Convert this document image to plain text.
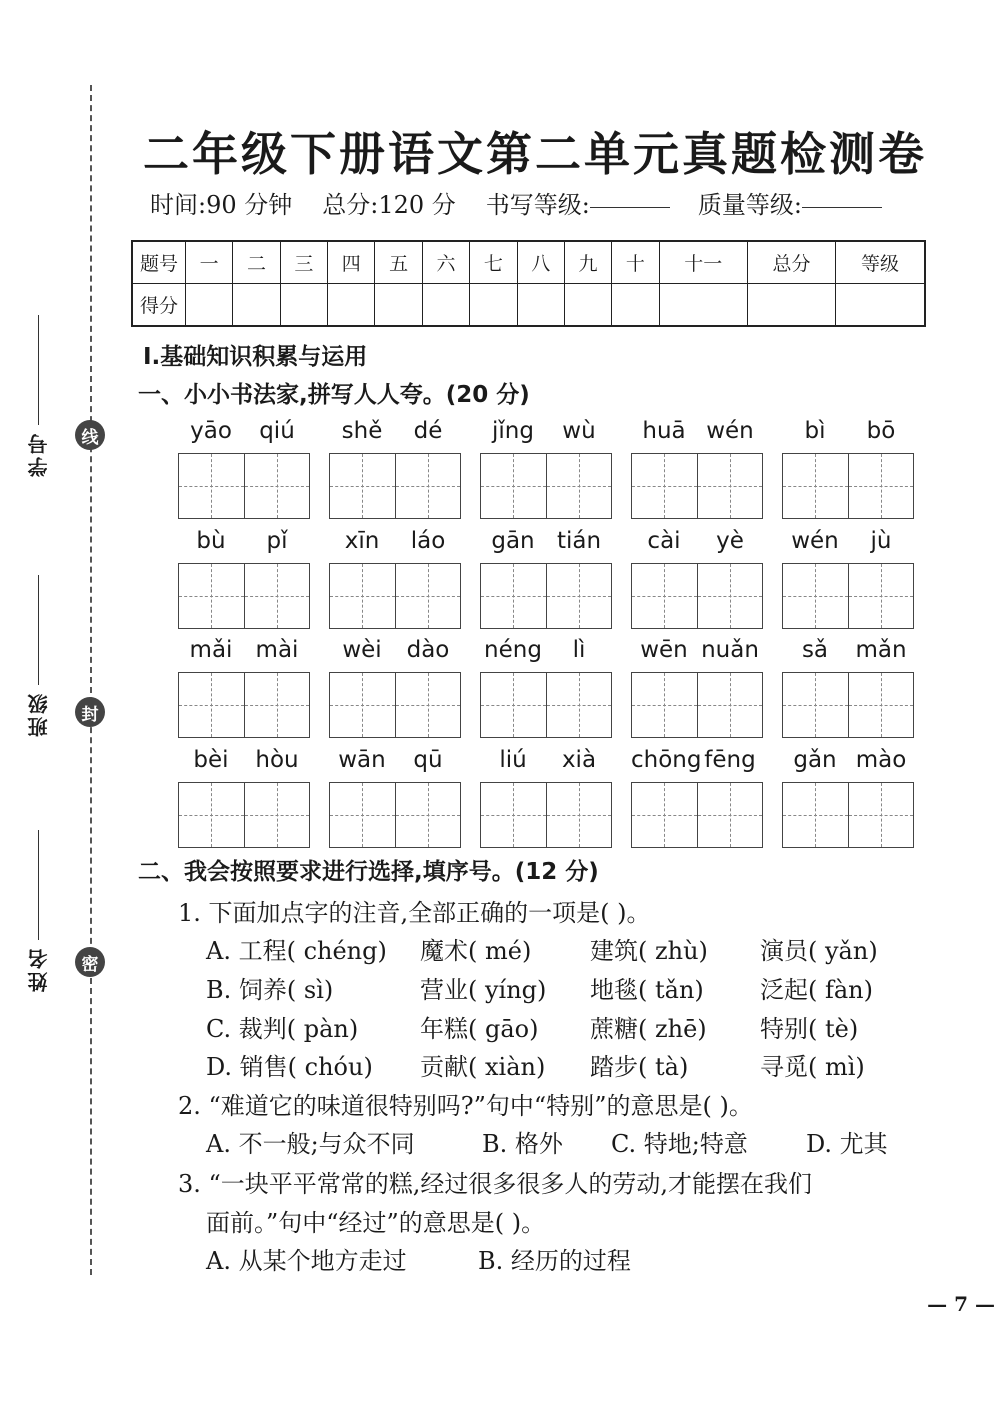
学号
班级
姓名
线
封
密
二年级下册语文第二单元真题检测卷
时间:90 分钟 总分:120 分 书写等级:	质量等级:
题号	一	二	三	四	五	六	七	八	九	十	十一	总分	等级
得分													
Ⅰ.基础知识积累与运用
一、小小书法家,拼写人人夸。(20 分)
yāo	qiú	shě	dé	jǐng	wù	huā wén	bì	bō
bù	pǐ	xīn	láo	gān tián	cài	yè	wén	jù
mǎi	mài	wèi	dào	néng	lì	wēn nuǎn	sǎ	mǎn
bèi	hòu	wān	qū	liú	xià	chōng fēng	gǎn mào
二、我会按照要求进行选择,填序号。(12 分)
1. 下面加点字的注音,全部正确的一项是( )。
A. 工程( chéng) 魔术( mé) 建筑( zhù) 演员( yǎn)
B. 饲养( sì)	营业( yíng) 地毯( tǎn) 泛起( fàn)
C. 裁判( pàn)	年糕( gāo) 蔗糖( zhē) 特别( tè)
D. 销售( chóu) 贡献( xiàn) 踏步( tà)	寻觅( mì)
2. “难道它的味道很特别吗?”句中“特别”的意思是( )。
A. 不一般;与众不同	B. 格外 C. 特地;特意 D. 尤其
3. “一块平平常常的糕,经过很多很多人的劳动,才能摆在我们
面前。”句中“经过”的意思是( )。
A. 从某个地方走过	B. 经历的过程
— 7 —
